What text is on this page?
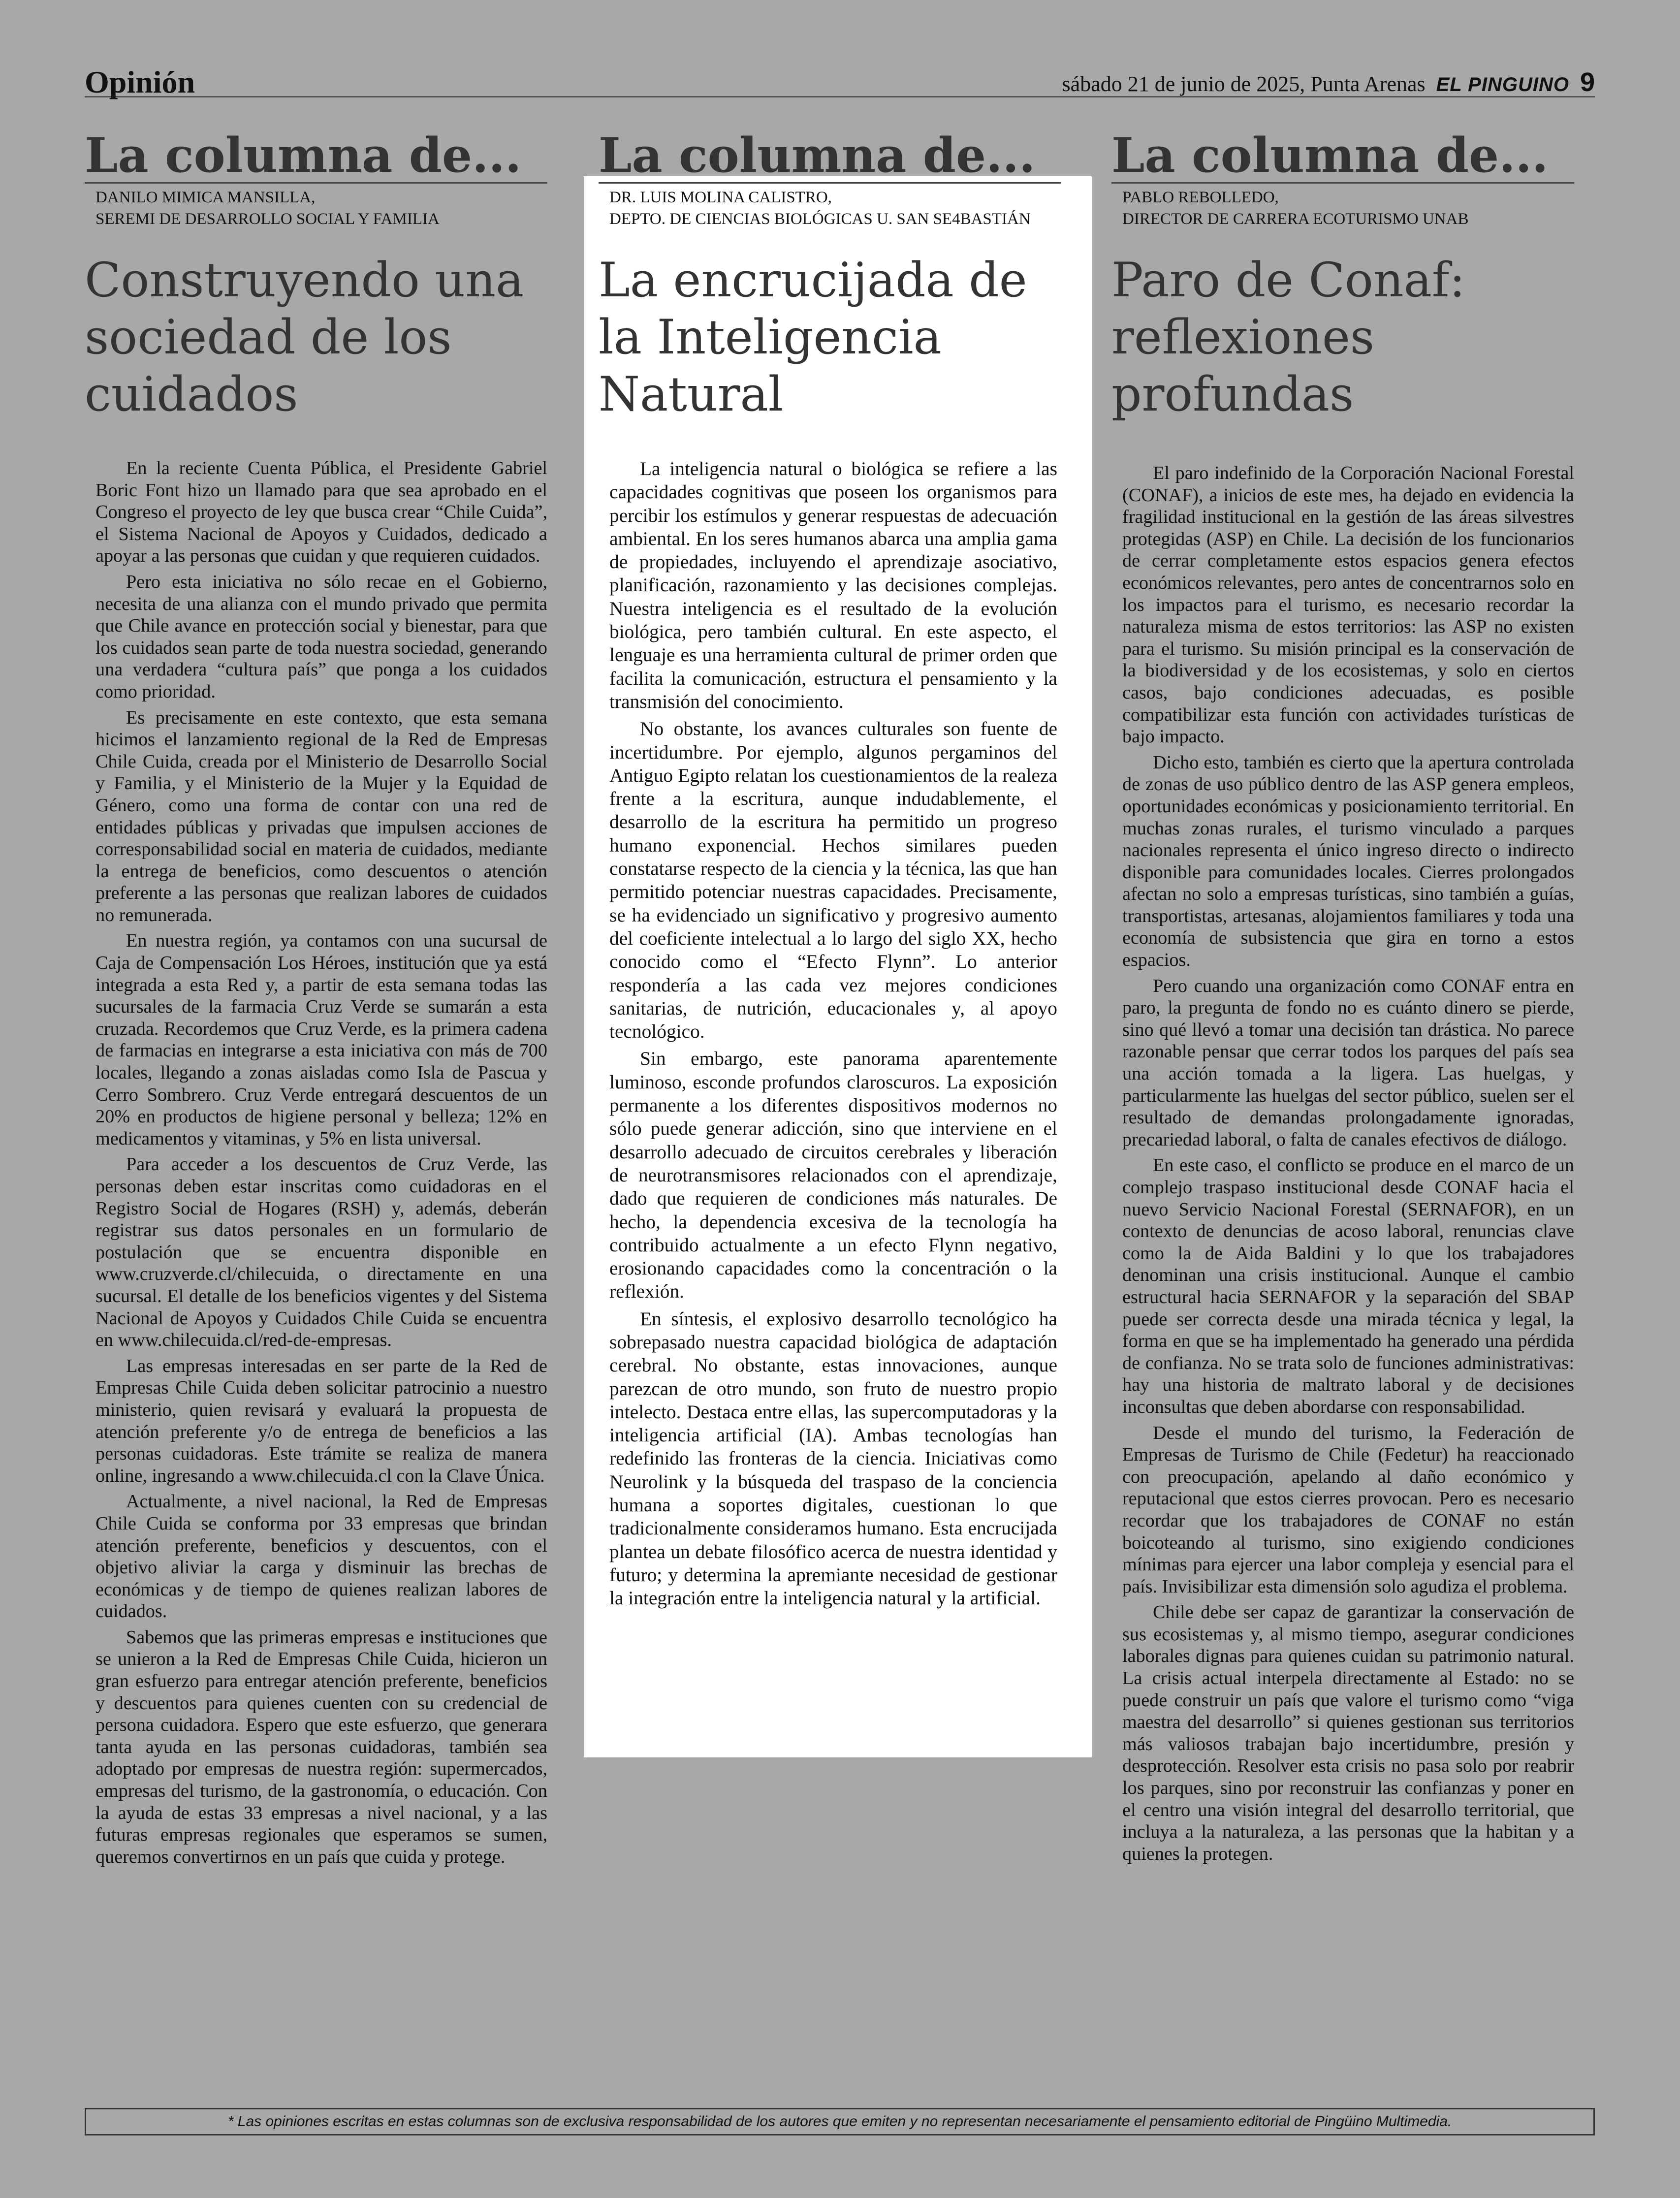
Opinión	sábado 21 de junio de 2025, Punta Arenas EL PINGUINO 9
La columna de...
DANILO MIMICA MANSILLA,
SEREMI DE DESARROLLO SOCIAL Y FAMILIA
Construyendo una sociedad de los cuidados

En la reciente Cuenta Pública, el Presidente Gabriel Boric Font hizo un llamado para que sea aprobado en el Congreso el proyecto de ley que busca crear “Chile Cuida”, el Sistema Nacional de Apoyos y Cuidados, dedicado a apoyar a las personas que cuidan y que requieren cuidados.

Pero esta iniciativa no sólo recae en el Gobierno, necesita de una alianza con el mundo privado que permita que Chile avance en protección social y bienestar, para que los cuidados sean parte de toda nuestra sociedad, generando una verdadera “cultura país” que ponga a los cuidados como prioridad.

Es precisamente en este contexto, que esta semana hicimos el lanzamiento regional de la Red de Empresas Chile Cuida, creada por el Ministerio de Desarrollo Social y Familia, y el Ministerio de la Mujer y la Equidad de Género, como una forma de contar con una red de entidades públicas y privadas que impulsen acciones de corresponsabilidad social en materia de cuidados, mediante la entrega de beneficios, como descuentos o atención preferente a las personas que realizan labores de cuidados no remunerada.

En nuestra región, ya contamos con una sucursal de Caja de Compensación Los Héroes, institución que ya está integrada a esta Red y, a partir de esta semana todas las sucursales de la farmacia Cruz Verde se sumarán a esta cruzada. Recordemos que Cruz Verde, es la primera cadena de farmacias en integrarse a esta iniciativa con más de 700 locales, llegando a zonas aisladas como Isla de Pascua y Cerro Sombrero. Cruz Verde entregará descuentos de un 20% en productos de higiene personal y belleza; 12% en medicamentos y vitaminas, y 5% en lista universal.

Para acceder a los descuentos de Cruz Verde, las personas deben estar inscritas como cuidadoras en el Registro Social de Hogares (RSH) y, además, deberán registrar sus datos personales en un formulario de postulación que se encuentra disponible en www.cruzverde.cl/chilecuida, o directamente en una sucursal. El detalle de los beneficios vigentes y del Sistema Nacional de Apoyos y Cuidados Chile Cuida se encuentra en www.chilecuida.cl/red-de-empresas.

Las empresas interesadas en ser parte de la Red de Empresas Chile Cuida deben solicitar patrocinio a nuestro ministerio, quien revisará y evaluará la propuesta de atención preferente y/o de entrega de beneficios a las personas cuidadoras. Este trámite se realiza de manera online, ingresando a www.chilecuida.cl con la Clave Única.

Actualmente, a nivel nacional, la Red de Empresas Chile Cuida se conforma por 33 empresas que brindan atención preferente, beneficios y descuentos, con el objetivo aliviar la carga y disminuir las brechas de económicas y de tiempo de quienes realizan labores de cuidados.

Sabemos que las primeras empresas e instituciones que se unieron a la Red de Empresas Chile Cuida, hicieron un gran esfuerzo para entregar atención preferente, beneficios y descuentos para quienes cuenten con su credencial de persona cuidadora. Espero que este esfuerzo, que generara tanta ayuda en las personas cuidadoras, también sea adoptado por empresas de nuestra región: supermercados, empresas del turismo, de la gastronomía, o educación. Con la ayuda de estas 33 empresas a nivel nacional, y a las futuras empresas regionales que esperamos se sumen, queremos convertirnos en un país que cuida y protege.

La columna de...
DR. LUIS MOLINA CALISTRO,
DEPTO. DE CIENCIAS BIOLÓGICAS U. SAN SE4BASTIÁN
La encrucijada de la Inteligencia Natural

La inteligencia natural o biológica se refiere a las capacidades cognitivas que poseen los organismos para percibir los estímulos y generar respuestas de adecuación ambiental. En los seres humanos abarca una amplia gama de propiedades, incluyendo el aprendizaje asociativo, planificación, razonamiento y las decisiones complejas. Nuestra inteligencia es el resultado de la evolución biológica, pero también cultural. En este aspecto, el lenguaje es una herramienta cultural de primer orden que facilita la comunicación, estructura el pensamiento y la transmisión del conocimiento.

No obstante, los avances culturales son fuente de incertidumbre. Por ejemplo, algunos pergaminos del Antiguo Egipto relatan los cuestionamientos de la realeza frente a la escritura, aunque indudablemente, el desarrollo de la escritura ha permitido un progreso humano exponencial. Hechos similares pueden constatarse respecto de la ciencia y la técnica, las que han permitido potenciar nuestras capacidades. Precisamente, se ha evidenciado un significativo y progresivo aumento del coeficiente intelectual a lo largo del siglo XX, hecho conocido como el “Efecto Flynn”. Lo anterior respondería a las cada vez mejores condiciones sanitarias, de nutrición, educacionales y, al apoyo tecnológico.

Sin embargo, este panorama aparentemente luminoso, esconde profundos claroscuros. La exposición permanente a los diferentes dispositivos modernos no sólo puede generar adicción, sino que interviene en el desarrollo adecuado de circuitos cerebrales y liberación de neurotransmisores relacionados con el aprendizaje, dado que requieren de condiciones más naturales. De hecho, la dependencia excesiva de la tecnología ha contribuido actualmente a un efecto Flynn negativo, erosionando capacidades como la concentración o la reflexión.

En síntesis, el explosivo desarrollo tecnológico ha sobrepasado nuestra capacidad biológica de adaptación cerebral. No obstante, estas innovaciones, aunque parezcan de otro mundo, son fruto de nuestro propio intelecto. Destaca entre ellas, las supercomputadoras y la inteligencia artificial (IA). Ambas tecnologías han redefinido las fronteras de la ciencia. Iniciativas como Neurolink y la búsqueda del traspaso de la conciencia humana a soportes digitales, cuestionan lo que tradicionalmente consideramos humano. Esta encrucijada plantea un debate filosófico acerca de nuestra identidad y futuro; y determina la apremiante necesidad de gestionar la integración entre la inteligencia natural y la artificial.

La columna de...
PABLO REBOLLEDO,
DIRECTOR DE CARRERA ECOTURISMO UNAB
Paro de Conaf: reflexiones profundas

El paro indefinido de la Corporación Nacional Forestal (CONAF), a inicios de este mes, ha dejado en evidencia la fragilidad institucional en la gestión de las áreas silvestres protegidas (ASP) en Chile. La decisión de los funcionarios de cerrar completamente estos espacios genera efectos económicos relevantes, pero antes de concentrarnos solo en los impactos para el turismo, es necesario recordar la naturaleza misma de estos territorios: las ASP no existen para el turismo. Su misión principal es la conservación de la biodiversidad y de los ecosistemas, y solo en ciertos casos, bajo condiciones adecuadas, es posible compatibilizar esta función con actividades turísticas de bajo impacto.

Dicho esto, también es cierto que la apertura controlada de zonas de uso público dentro de las ASP genera empleos, oportunidades económicas y posicionamiento territorial. En muchas zonas rurales, el turismo vinculado a parques nacionales representa el único ingreso directo o indirecto disponible para comunidades locales. Cierres prolongados afectan no solo a empresas turísticas, sino también a guías, transportistas, artesanas, alojamientos familiares y toda una economía de subsistencia que gira en torno a estos espacios.

Pero cuando una organización como CONAF entra en paro, la pregunta de fondo no es cuánto dinero se pierde, sino qué llevó a tomar una decisión tan drástica. No parece razonable pensar que cerrar todos los parques del país sea una acción tomada a la ligera. Las huelgas, y particularmente las huelgas del sector público, suelen ser el resultado de demandas prolongadamente ignoradas, precariedad laboral, o falta de canales efectivos de diálogo.

En este caso, el conflicto se produce en el marco de un complejo traspaso institucional desde CONAF hacia el nuevo Servicio Nacional Forestal (SERNAFOR), en un contexto de denuncias de acoso laboral, renuncias clave como la de Aida Baldini y lo que los trabajadores denominan una crisis institucional. Aunque el cambio estructural hacia SERNAFOR y la separación del SBAP puede ser correcta desde una mirada técnica y legal, la forma en que se ha implementado ha generado una pérdida de confianza. No se trata solo de funciones administrativas: hay una historia de maltrato laboral y de decisiones inconsultas que deben abordarse con responsabilidad.

Desde el mundo del turismo, la Federación de Empresas de Turismo de Chile (Fedetur) ha reaccionado con preocupación, apelando al daño económico y reputacional que estos cierres provocan. Pero es necesario recordar que los trabajadores de CONAF no están boicoteando al turismo, sino exigiendo condiciones mínimas para ejercer una labor compleja y esencial para el país. Invisibilizar esta dimensión solo agudiza el problema.

Chile debe ser capaz de garantizar la conservación de sus ecosistemas y, al mismo tiempo, asegurar condiciones laborales dignas para quienes cuidan su patrimonio natural. La crisis actual interpela directamente al Estado: no se puede construir un país que valore el turismo como “viga maestra del desarrollo” si quienes gestionan sus territorios más valiosos trabajan bajo incertidumbre, presión y desprotección. Resolver esta crisis no pasa solo por reabrir los parques, sino por reconstruir las confianzas y poner en el centro una visión integral del desarrollo territorial, que incluya a la naturaleza, a las personas que la habitan y a quienes la protegen.

* Las opiniones escritas en estas columnas son de exclusiva responsabilidad de los autores que emiten y no representan necesariamente el pensamiento editorial de Pingüino Multimedia.
